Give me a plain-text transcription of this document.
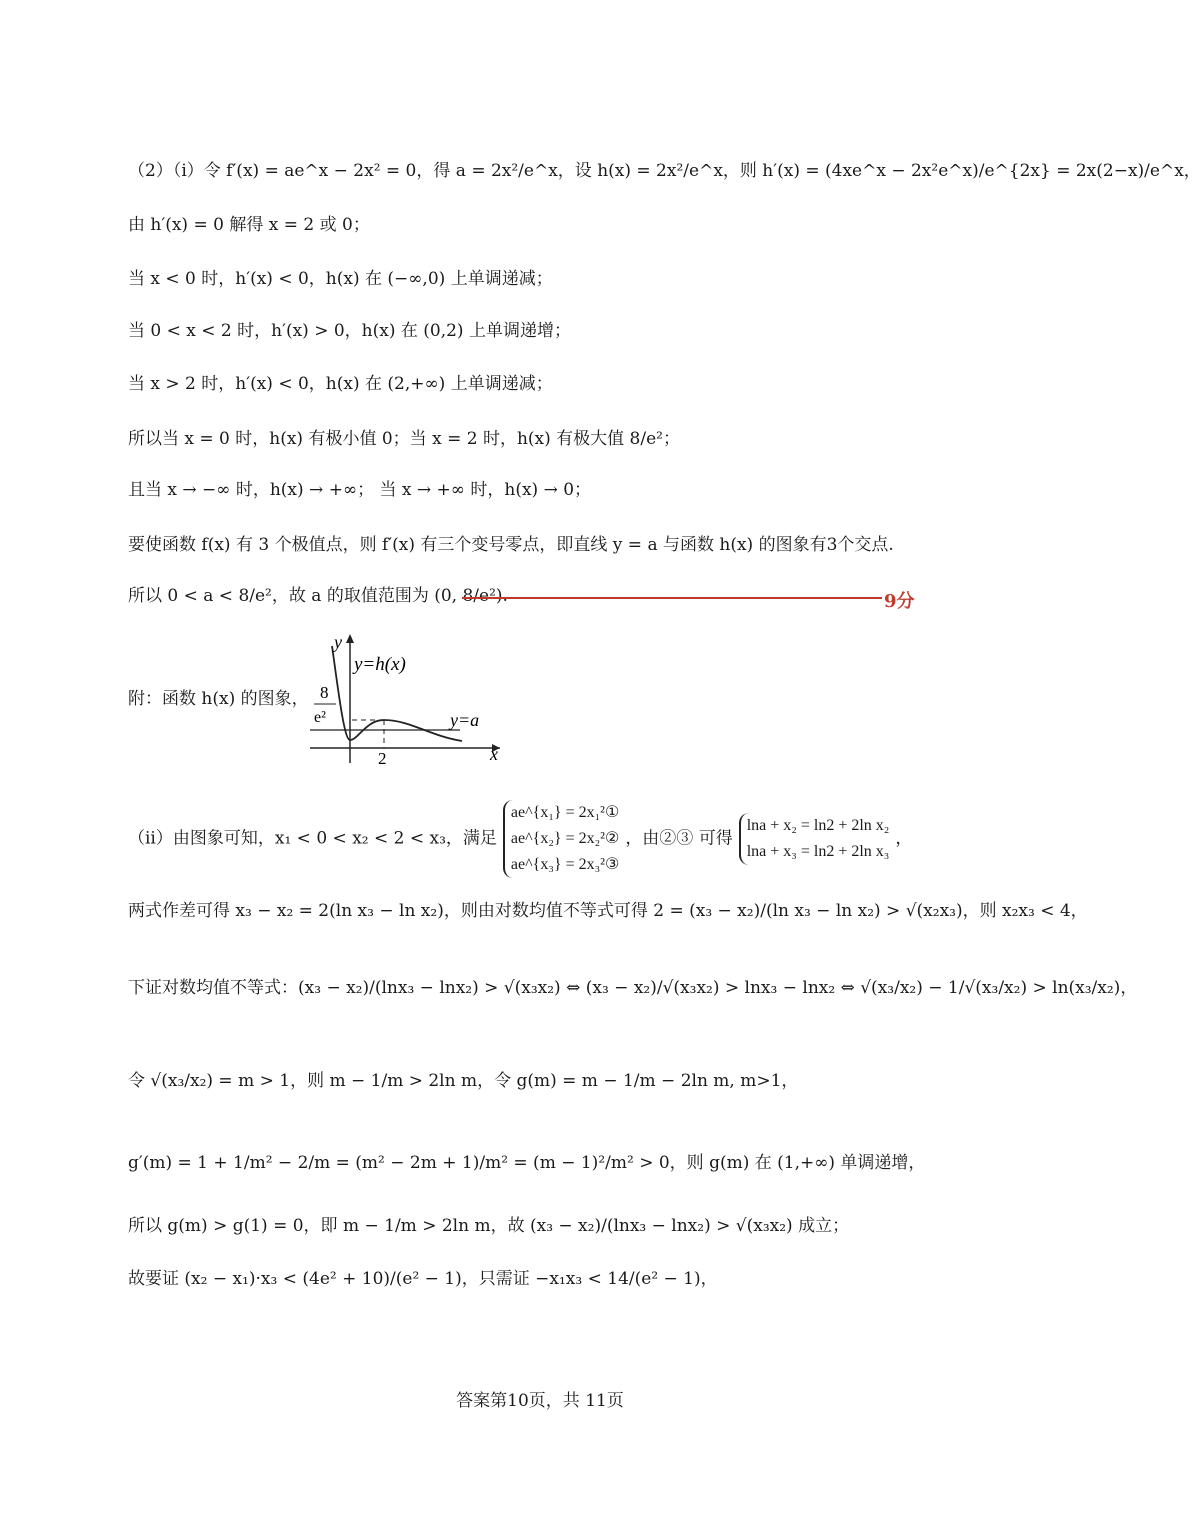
（2）（i）令 f′(x) = ae^x − 2x² = 0，得 a = 2x²/e^x，设 h(x) = 2x²/e^x，则 h′(x) = (4xe^x − 2x²e^x)/e^{2x} = 2x(2−x)/e^x，
由 h′(x) = 0 解得 x = 2 或 0；
当 x < 0 时，h′(x) < 0，h(x) 在 (−∞,0) 上单调递减；
当 0 < x < 2 时，h′(x) > 0，h(x) 在 (0,2) 上单调递增；
当 x > 2 时，h′(x) < 0，h(x) 在 (2,+∞) 上单调递减；
所以当 x = 0 时，h(x) 有极小值 0；当 x = 2 时，h(x) 有极大值 8/e²；
且当 x → −∞ 时，h(x) → +∞； 当 x → +∞ 时，h(x) → 0；
要使函数 f(x) 有 3 个极值点，则 f′(x) 有三个变号零点，即直线 y = a 与函数 h(x) 的图象有3个交点.
所以 0 < a < 8/e²，故 a 的取值范围为 (0, 8/e²).	9分
附：函数 h(x) 的图象，
y
x
y=h(x)
y=a
2
8
e²
（ii）由图象可知，x₁ < 0 < x₂ < 2 < x₃，满足
ae^{x₁} = 2x₁²①
ae^{x₂} = 2x₂²②
ae^{x₃} = 2x₃²③
，由②③ 可得
lna + x₂ = ln2 + 2ln x₂
lna + x₃ = ln2 + 2ln x₃
，
两式作差可得 x₃ − x₂ = 2(ln x₃ − ln x₂)，则由对数均值不等式可得 2 = (x₃ − x₂)/(ln x₃ − ln x₂) > √(x₂x₃)，则 x₂x₃ < 4，
下证对数均值不等式：(x₃ − x₂)/(lnx₃ − lnx₂) > √(x₃x₂) ⇔ (x₃ − x₂)/√(x₃x₂) > lnx₃ − lnx₂ ⇔ √(x₃/x₂) − 1/√(x₃/x₂) > ln(x₃/x₂)，
令 √(x₃/x₂) = m > 1，则 m − 1/m > 2ln m，令 g(m) = m − 1/m − 2ln m, m>1，
g′(m) = 1 + 1/m² − 2/m = (m² − 2m + 1)/m² = (m − 1)²/m² > 0，则 g(m) 在 (1,+∞) 单调递增，
所以 g(m) > g(1) = 0，即 m − 1/m > 2ln m，故 (x₃ − x₂)/(lnx₃ − lnx₂) > √(x₃x₂) 成立；
故要证 (x₂ − x₁)·x₃ < (4e² + 10)/(e² − 1)，只需证 −x₁x₃ < 14/(e² − 1)，
答案第10页，共 11页
